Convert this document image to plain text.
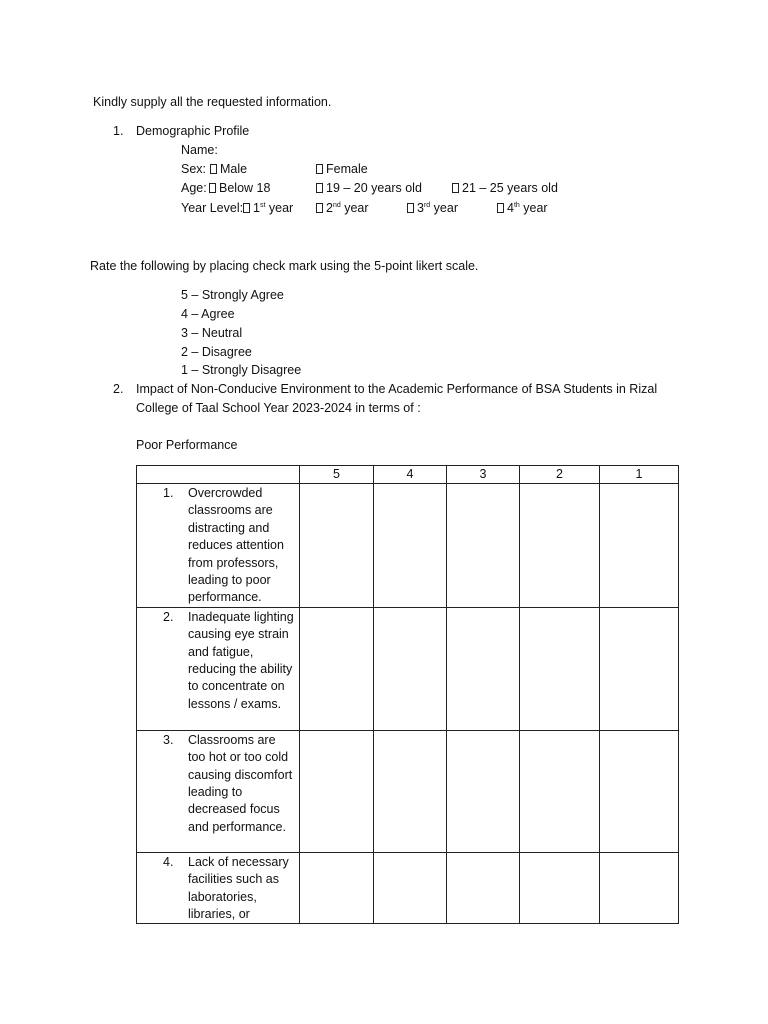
Kindly supply all the requested information.
1. Demographic Profile
Name:
Sex:	Male	Female
Age: Below 18	19 – 20 years old	21 – 25 years old
Year Level: 1st year	2nd year	3rd year	4th year
Rate the following by placing check mark using the 5-point likert scale.
5 – Strongly Agree
4 – Agree
3 – Neutral
2 – Disagree
1 – Strongly Disagree
2. Impact of Non-Conducive Environment to the Academic Performance of BSA Students in Rizal
College of Taal School Year 2023-2024 in terms of :
Poor Performance
	5	4	3	2	1

1. Overcrowded classrooms are distracting and reduces attention from professors, leading to poor performance.					

2. Inadequate lighting causing eye strain and fatigue, reducing the ability to concentrate on lessons / exams.					

3. Classrooms are too hot or too cold causing discomfort leading to decreased focus and performance.					

4. Lack of necessary facilities such as laboratories, libraries, or					
